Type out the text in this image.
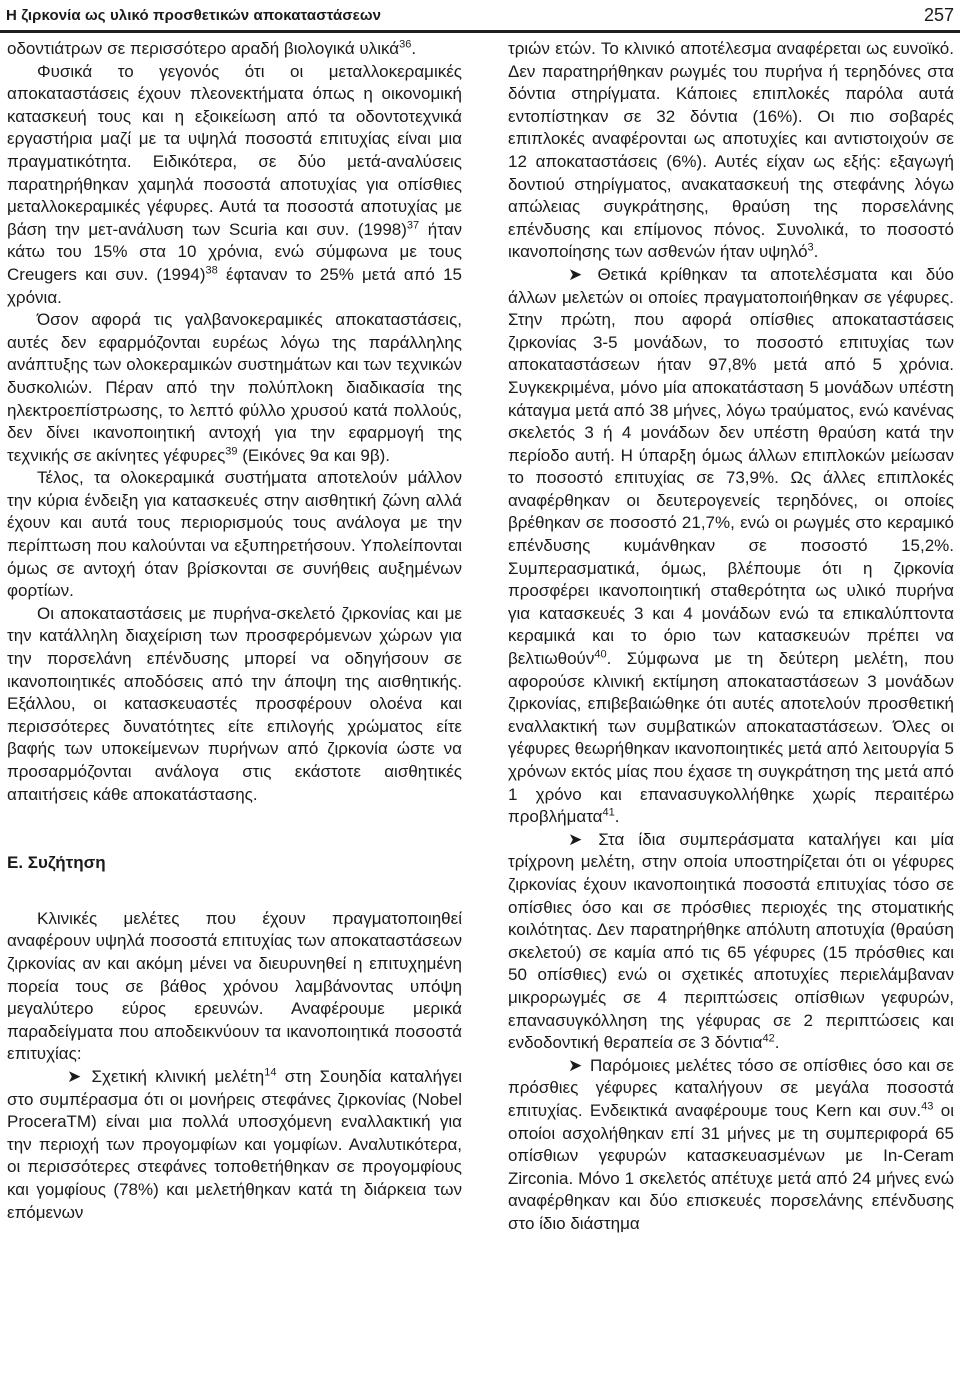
Η ζιρκονία ως υλικό προσθετικών αποκαταστάσεων	257

οδοντιάτρων σε περισσότερο αραδή βιολογικά υλικά$^{36}$.

Φυσικά το γεγονός ότι οι μεταλλοκεραμικές αποκαταστάσεις έχουν πλεονεκτήματα όπως η οικονομική κατασκευή τους και η εξοικείωση από τα οδοντοτεχνικά εργαστήρια μαζί με τα υψηλά ποσοστά επιτυχίας είναι μια πραγματικότητα. Ειδικότερα, σε δύο μετά-αναλύσεις παρατηρήθηκαν χαμηλά ποσοστά αποτυχίας για οπίσθιες μεταλλοκεραμικές γέφυρες. Αυτά τα ποσοστά αποτυχίας με βάση την μετ-ανάλυση των Scuria και συν. $(1998)^{37}$ ήταν κάτω του 15% στα 10 χρόνια, ενώ σύμφωνα με τους Creugers και συν. $(1994)^{38}$ έφταναν το 25% μετά από 15 χρόνια.

Όσον αφορά τις γαλβανοκεραμικές αποκαταστάσεις, αυτές δεν εφαρμόζονται ευρέως λόγω της παράλληλης ανάπτυξης των ολοκεραμικών συστημάτων και των τεχνικών δυσκολιών. Πέραν από την πολύπλοκη διαδικασία της ηλεκτροεπίστρωσης, το λεπτό φύλλο χρυσού κατά πολλούς, δεν δίνει ικανοποιητική αντοχή για την εφαρμογή της τεχνικής σε ακίνητες γέφυρες$^{39}$ (Εικόνες 9α και 9β).

Τέλος, τα ολοκεραμικά συστήματα αποτελούν μάλλον την κύρια ένδειξη για κατασκευές στην αισθητική ζώνη αλλά έχουν και αυτά τους περιορισμούς τους ανάλογα με την περίπτωση που καλούνται να εξυπηρετήσουν. Υπολείπονται όμως σε αντοχή όταν βρίσκονται σε συνήθεις αυξημένων φορτίων.

Οι αποκαταστάσεις με πυρήνα-σκελετό ζιρκονίας και με την κατάλληλη διαχείριση των προσφερόμενων χώρων για την πορσελάνη επένδυσης μπορεί να οδηγήσουν σε ικανοποιητικές αποδόσεις από την άποψη της αισθητικής. Εξάλλου, οι κατασκευαστές προσφέρουν ολοένα και περισσότερες δυνατότητες είτε επιλογής χρώματος είτε βαφής των υποκείμενων πυρήνων από ζιρκονία ώστε να προσαρμόζονται ανάλογα στις εκάστοτε αισθητικές απαιτήσεις κάθε αποκατάστασης.

Ε. Συζήτηση

Κλινικές μελέτες που έχουν πραγματοποιηθεί αναφέρουν υψηλά ποσοστά επιτυχίας των αποκαταστάσεων ζιρκονίας αν και ακόμη μένει να διευρυνηθεί η επιτυχημένη πορεία τους σε βάθος χρόνου λαμβάνοντας υπόψη μεγαλύτερο εύρος ερευνών. Αναφέρουμε μερικά παραδείγματα που αποδεικνύουν τα ικανοποιητικά ποσοστά επιτυχίας:

➤ Σχετική κλινική μελέτη$^{14}$ στη Σουηδία καταλήγει στο συμπέρασμα ότι οι μονήρεις στεφάνες ζιρκονίας (Nobel ProceraTM) είναι μια πολλά υποσχόμενη εναλλακτική για την περιοχή των προγομφίων και γομφίων. Αναλυτικότερα, οι περισσότερες στεφάνες τοποθετήθηκαν σε προγομφίους και γομφίους (78%) και μελετήθηκαν κατά τη διάρκεια των επόμενων

τριών ετών. Το κλινικό αποτέλεσμα αναφέρεται ως ευνοϊκό. Δεν παρατηρήθηκαν ρωγμές του πυρήνα ή τερηδόνες στα δόντια στηρίγματα. Κάποιες επιπλοκές παρόλα αυτά εντοπίστηκαν σε 32 δόντια (16%). Οι πιο σοβαρές επιπλοκές αναφέρονται ως αποτυχίες και αντιστοιχούν σε 12 αποκαταστάσεις (6%). Αυτές είχαν ως εξής: εξαγωγή δοντιού στηρίγματος, ανακατασκευή της στεφάνης λόγω απώλειας συγκράτησης, θραύση της πορσελάνης επένδυσης και επίμονος πόνος. Συνολικά, το ποσοστό ικανοποίησης των ασθενών ήταν υψηλό$^3$.

➤ Θετικά κρίθηκαν τα αποτελέσματα και δύο άλλων μελετών οι οποίες πραγματοποιήθηκαν σε γέφυρες. Στην πρώτη, που αφορά οπίσθιες αποκαταστάσεις ζιρκονίας 3-5 μονάδων, το ποσοστό επιτυχίας των αποκαταστάσεων ήταν 97,8% μετά από 5 χρόνια. Συγκεκριμένα, μόνο μία αποκατάσταση 5 μονάδων υπέστη κάταγμα μετά από 38 μήνες, λόγω τραύματος, ενώ κανένας σκελετός 3 ή 4 μονάδων δεν υπέστη θραύση κατά την περίοδο αυτή. Η ύπαρξη όμως άλλων επιπλοκών μείωσαν το ποσοστό επιτυχίας σε 73,9%. Ως άλλες επιπλοκές αναφέρθηκαν οι δευτερογενείς τερηδόνες, οι οποίες βρέθηκαν σε ποσοστό 21,7%, ενώ οι ρωγμές στο κεραμικό επένδυσης κυμάνθηκαν σε ποσοστό 15,2%. Συμπερασματικά, όμως, βλέπουμε ότι η ζιρκονία προσφέρει ικανοποιητική σταθερότητα ως υλικό πυρήνα για κατασκευές 3 και 4 μονάδων ενώ τα επικαλύπτοντα κεραμικά και το όριο των κατασκευών πρέπει να βελτιωθούν$^{40}$. Σύμφωνα με τη δεύτερη μελέτη, που αφορούσε κλινική εκτίμηση αποκαταστάσεων 3 μονάδων ζιρκονίας, επιβεβαιώθηκε ότι αυτές αποτελούν προσθετική εναλλακτική των συμβατικών αποκαταστάσεων. Όλες οι γέφυρες θεωρήθηκαν ικανοποιητικές μετά από λειτουργία 5 χρόνων εκτός μίας που έχασε τη συγκράτηση της μετά από 1 χρόνο και επανασυγκολλήθηκε χωρίς περαιτέρω προβλήματα$^{41}$.

➤ Στα ίδια συμπεράσματα καταλήγει και μία τρίχρονη μελέτη, στην οποία υποστηρίζεται ότι οι γέφυρες ζιρκονίας έχουν ικανοποιητικά ποσοστά επιτυχίας τόσο σε οπίσθιες όσο και σε πρόσθιες περιοχές της στοματικής κοιλότητας. Δεν παρατηρήθηκε απόλυτη αποτυχία (θραύση σκελετού) σε καμία από τις 65 γέφυρες (15 πρόσθιες και 50 οπίσθιες) ενώ οι σχετικές αποτυχίες περιελάμβαναν μικρορωγμές σε 4 περιπτώσεις οπίσθιων γεφυρών, επανασυγκόλληση της γέφυρας σε 2 περιπτώσεις και ενδοδοντική θεραπεία σε 3 δόντια$^{42}$.

➤ Παρόμοιες μελέτες τόσο σε οπίσθιες όσο και σε πρόσθιες γέφυρες καταλήγουν σε μεγάλα ποσοστά επιτυχίας. Ενδεικτικά αναφέρουμε τους Kern και συν.$^{43}$ οι οποίοι ασχολήθηκαν επί 31 μήνες με τη συμπεριφορά 65 οπίσθιων γεφυρών κατασκευασμένων με In-Ceram Zirconia. Μόνο 1 σκελετός απέτυχε μετά από 24 μήνες ενώ αναφέρθηκαν και δύο επισκευές πορσελάνης επένδυσης στο ίδιο διάστημα
